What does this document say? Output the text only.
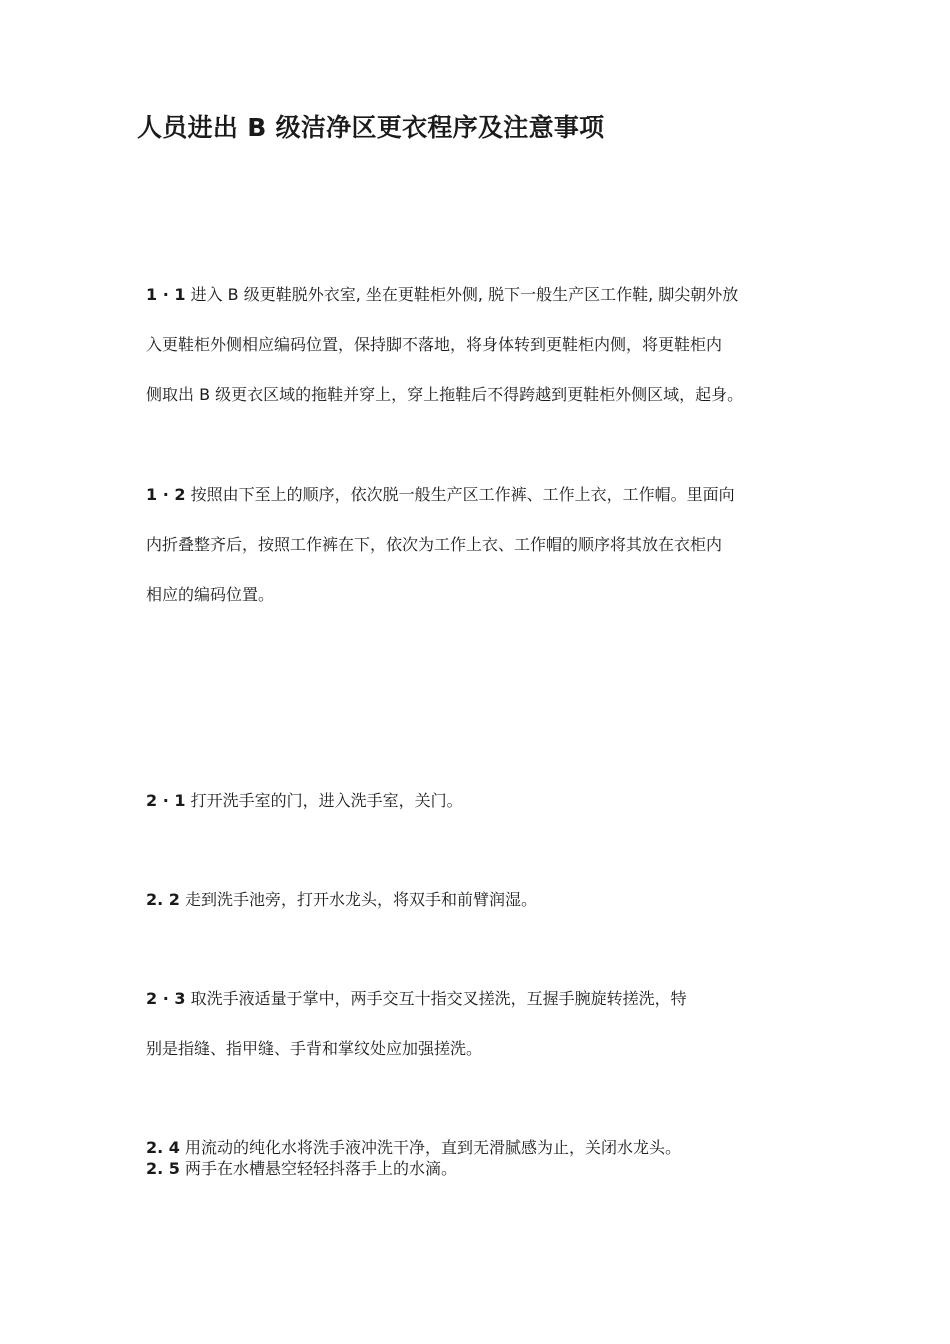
人员进出 B 级洁净区更衣程序及注意事项
1 · 1 进入 B 级更鞋脱外衣室, 坐在更鞋柜外侧, 脱下一般生产区工作鞋, 脚尖朝外放
入更鞋柜外侧相应编码位置，保持脚不落地，将身体转到更鞋柜内侧，将更鞋柜内
侧取出 B 级更衣区域的拖鞋并穿上，穿上拖鞋后不得跨越到更鞋柜外侧区域，起身。
1 · 2 按照由下至上的顺序，依次脱一般生产区工作裤、工作上衣，工作帽。里面向
内折叠整齐后，按照工作裤在下，依次为工作上衣、工作帽的顺序将其放在衣柜内
相应的编码位置。
2 · 1 打开洗手室的门，进入洗手室，关门。
2. 2 走到洗手池旁，打开水龙头，将双手和前臂润湿。
2 · 3 取洗手液适量于掌中，两手交互十指交叉搓洗，互握手腕旋转搓洗，特
别是指缝、指甲缝、手背和掌纹处应加强搓洗。
2. 4 用流动的纯化水将洗手液冲洗干净，直到无滑腻感为止，关闭水龙头。
2. 5 两手在水槽悬空轻轻抖落手上的水滴。
